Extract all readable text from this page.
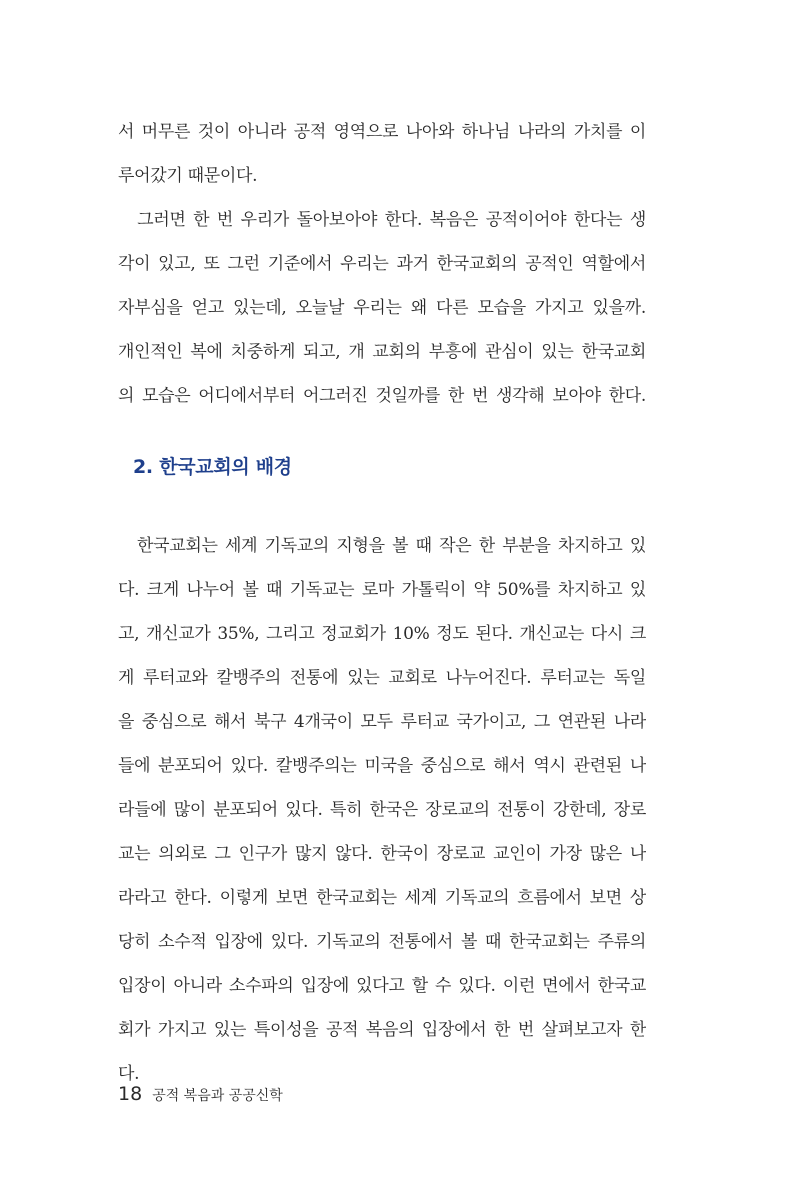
서 머무른 것이 아니라 공적 영역으로 나아와 하나님 나라의 가치를 이
루어갔기 때문이다.
　그러면 한 번 우리가 돌아보아야 한다. 복음은 공적이어야 한다는 생
각이 있고, 또 그런 기준에서 우리는 과거 한국교회의 공적인 역할에서
자부심을 얻고 있는데, 오늘날 우리는 왜 다른 모습을 가지고 있을까.
개인적인 복에 치중하게 되고, 개 교회의 부흥에 관심이 있는 한국교회
의 모습은 어디에서부터 어그러진 것일까를 한 번 생각해 보아야 한다.
2. 한국교회의 배경
　한국교회는 세계 기독교의 지형을 볼 때 작은 한 부분을 차지하고 있
다. 크게 나누어 볼 때 기독교는 로마 가톨릭이 약 50%를 차지하고 있
고, 개신교가 35%, 그리고 정교회가 10% 정도 된다. 개신교는 다시 크
게 루터교와 칼뱅주의 전통에 있는 교회로 나누어진다. 루터교는 독일
을 중심으로 해서 북구 4개국이 모두 루터교 국가이고, 그 연관된 나라
들에 분포되어 있다. 칼뱅주의는 미국을 중심으로 해서 역시 관련된 나
라들에 많이 분포되어 있다. 특히 한국은 장로교의 전통이 강한데, 장로
교는 의외로 그 인구가 많지 않다. 한국이 장로교 교인이 가장 많은 나
라라고 한다. 이렇게 보면 한국교회는 세계 기독교의 흐름에서 보면 상
당히 소수적 입장에 있다. 기독교의 전통에서 볼 때 한국교회는 주류의
입장이 아니라 소수파의 입장에 있다고 할 수 있다. 이런 면에서 한국교
회가 가지고 있는 특이성을 공적 복음의 입장에서 한 번 살펴보고자 한
다.
18 공적 복음과 공공신학
